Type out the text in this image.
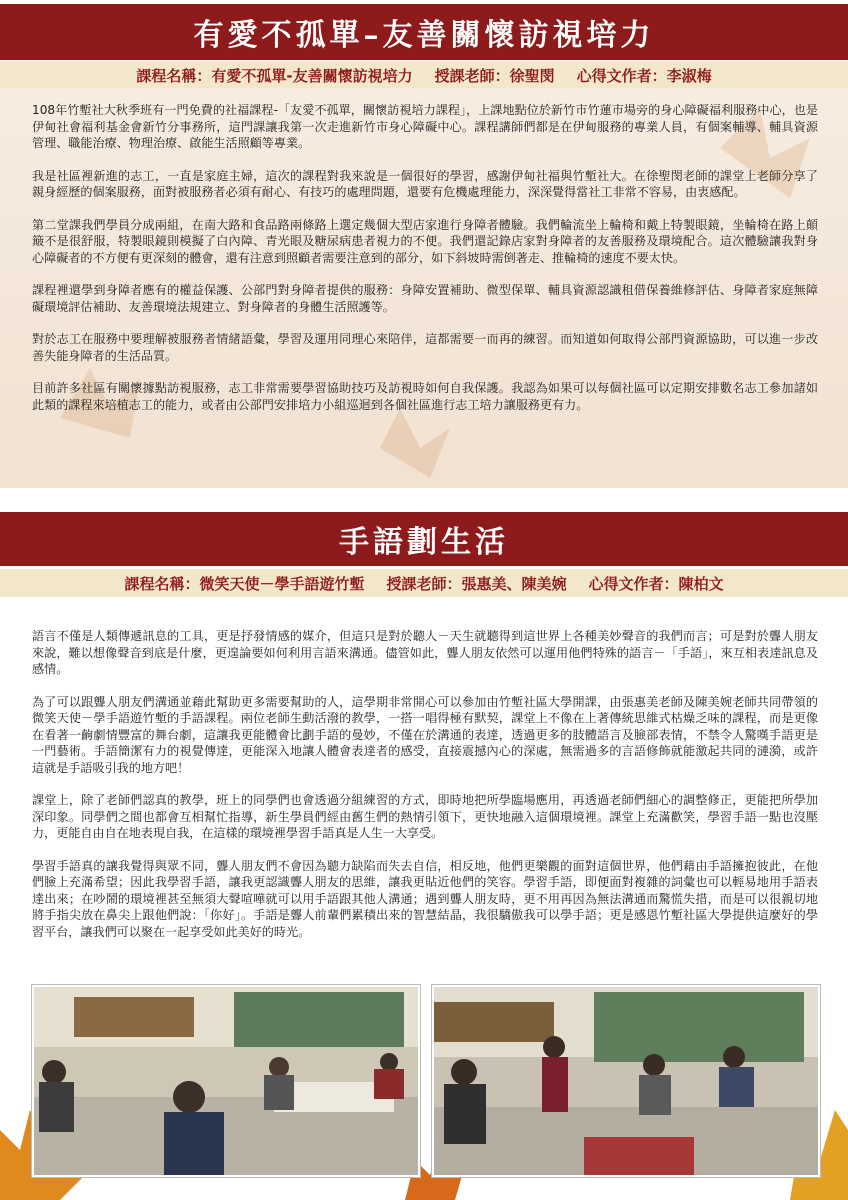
有愛不孤單–友善關懷訪視培力
課程名稱：有愛不孤單-友善關懷訪視培力 授課老師：徐聖閔 心得文作者：李淑梅

108年竹塹社大秋季班有一門免費的社福課程-「友愛不孤單，關懷訪視培力課程」，上課地點位於新竹市竹蓮市場旁的身心障礙福利服務中心，也是伊甸社會福利基金會新竹分事務所，這門課讓我第一次走進新竹市身心障礙中心。課程講師們都是在伊甸服務的專業人員，有個案輔導、輔具資源管理、職能治療、物理治療、啟能生活照顧等專業。

我是社區裡新進的志工，一直是家庭主婦，這次的課程對我來說是一個很好的學習，感謝伊甸社福與竹塹社大。在徐聖閔老師的課堂上老師分享了親身經歷的個案服務，面對被服務者必須有耐心、有技巧的處理問題，還要有危機處理能力，深深覺得當社工非常不容易，由衷感配。

第二堂課我們學員分成兩組，在南大路和食品路兩條路上選定幾個大型店家進行身障者體驗。我們輪流坐上輪椅和戴上特製眼鏡，坐輪椅在路上顛簸不是很舒服，特製眼鏡則模擬了白內障、青光眼及糖尿病患者視力的不便。我們還記錄店家對身障者的友善服務及環境配合。這次體驗讓我對身心障礙者的不方便有更深刻的體會，還有注意到照顧者需要注意到的部分，如下斜坡時需倒著走、推輪椅的速度不要太快。

課程裡還學到身障者應有的權益保護、公部門對身障者提供的服務：身障安置補助、微型保單、輔具資源認識租借保養維修評估、身障者家庭無障礙環境評估補助、友善環境法規建立、對身障者的身體生活照護等。

對於志工在服務中要理解被服務者情緒語彙，學習及運用同理心來陪伴，這都需要一而再的練習。而知道如何取得公部門資源協助，可以進一步改善失能身障者的生活品質。

目前許多社區有關懷據點訪視服務，志工非常需要學習協助技巧及訪視時如何自我保護。我認為如果可以每個社區可以定期安排數名志工參加諸如此類的課程來培植志工的能力，或者由公部門安排培力小組巡迴到各個社區進行志工培力讓服務更有力。

手語劃生活
課程名稱：微笑天使－學手語遊竹塹 授課老師：張惠美、陳美婉 心得文作者：陳柏文

語言不僅是人類傳遞訊息的工具，更是抒發情感的媒介，但這只是對於聽人－天生就聽得到這世界上各種美妙聲音的我們而言；可是對於聾人朋友來說，難以想像聲音到底是什麼，更遑論要如何利用言語來溝通。儘管如此，聾人朋友依然可以運用他們特殊的語言－「手語」，來互相表達訊息及感情。

為了可以跟聾人朋友們溝通並藉此幫助更多需要幫助的人，這學期非常開心可以參加由竹塹社區大學開課，由張惠美老師及陳美婉老師共同帶領的微笑天使－學手語遊竹塹的手語課程。兩位老師生動活潑的教學，一搭一唱得極有默契，課堂上不像在上著傳統思維式枯燥乏味的課程，而是更像在看著一齣劇情豐富的舞台劇，這讓我更能體會比劃手語的曼妙，不僅在於溝通的表達，透過更多的肢體語言及臉部表情，不禁令人驚嘆手語更是一門藝術。手語簡潔有力的視覺傳達，更能深入地讓人體會表達者的感受，直接震撼內心的深處，無需過多的言語修飾就能激起共同的漣漪，或許這就是手語吸引我的地方吧！

課堂上，除了老師們認真的教學，班上的同學們也會透過分組練習的方式，即時地把所學臨場應用，再透過老師們細心的調整修正，更能把所學加深印象。同學們之間也都會互相幫忙指導，新生學員們經由舊生們的熱情引領下，更快地融入這個環境裡。課堂上充滿歡笑，學習手語一點也沒壓力，更能自由自在地表現自我，在這樣的環境裡學習手語真是人生一大享受。

學習手語真的讓我覺得與眾不同，聾人朋友們不會因為聽力缺陷而失去自信，相反地，他們更樂觀的面對這個世界，他們藉由手語擁抱彼此，在他們臉上充滿希望；因此我學習手語，讓我更認識聾人朋友的思維，讓我更貼近他們的笑容。學習手語，即便面對複雜的詞彙也可以輕易地用手語表達出來；在吵鬧的環境裡甚至無須大聲喧嘩就可以用手語跟其他人溝通；遇到聾人朋友時，更不用再因為無法溝通而驚慌失措，而是可以很親切地將手指尖放在鼻尖上跟他們說：「你好」。手語是聾人前輩們累積出來的智慧結晶，我很驕傲我可以學手語；更是感恩竹塹社區大學提供這麼好的學習平台，讓我們可以聚在一起享受如此美好的時光。
